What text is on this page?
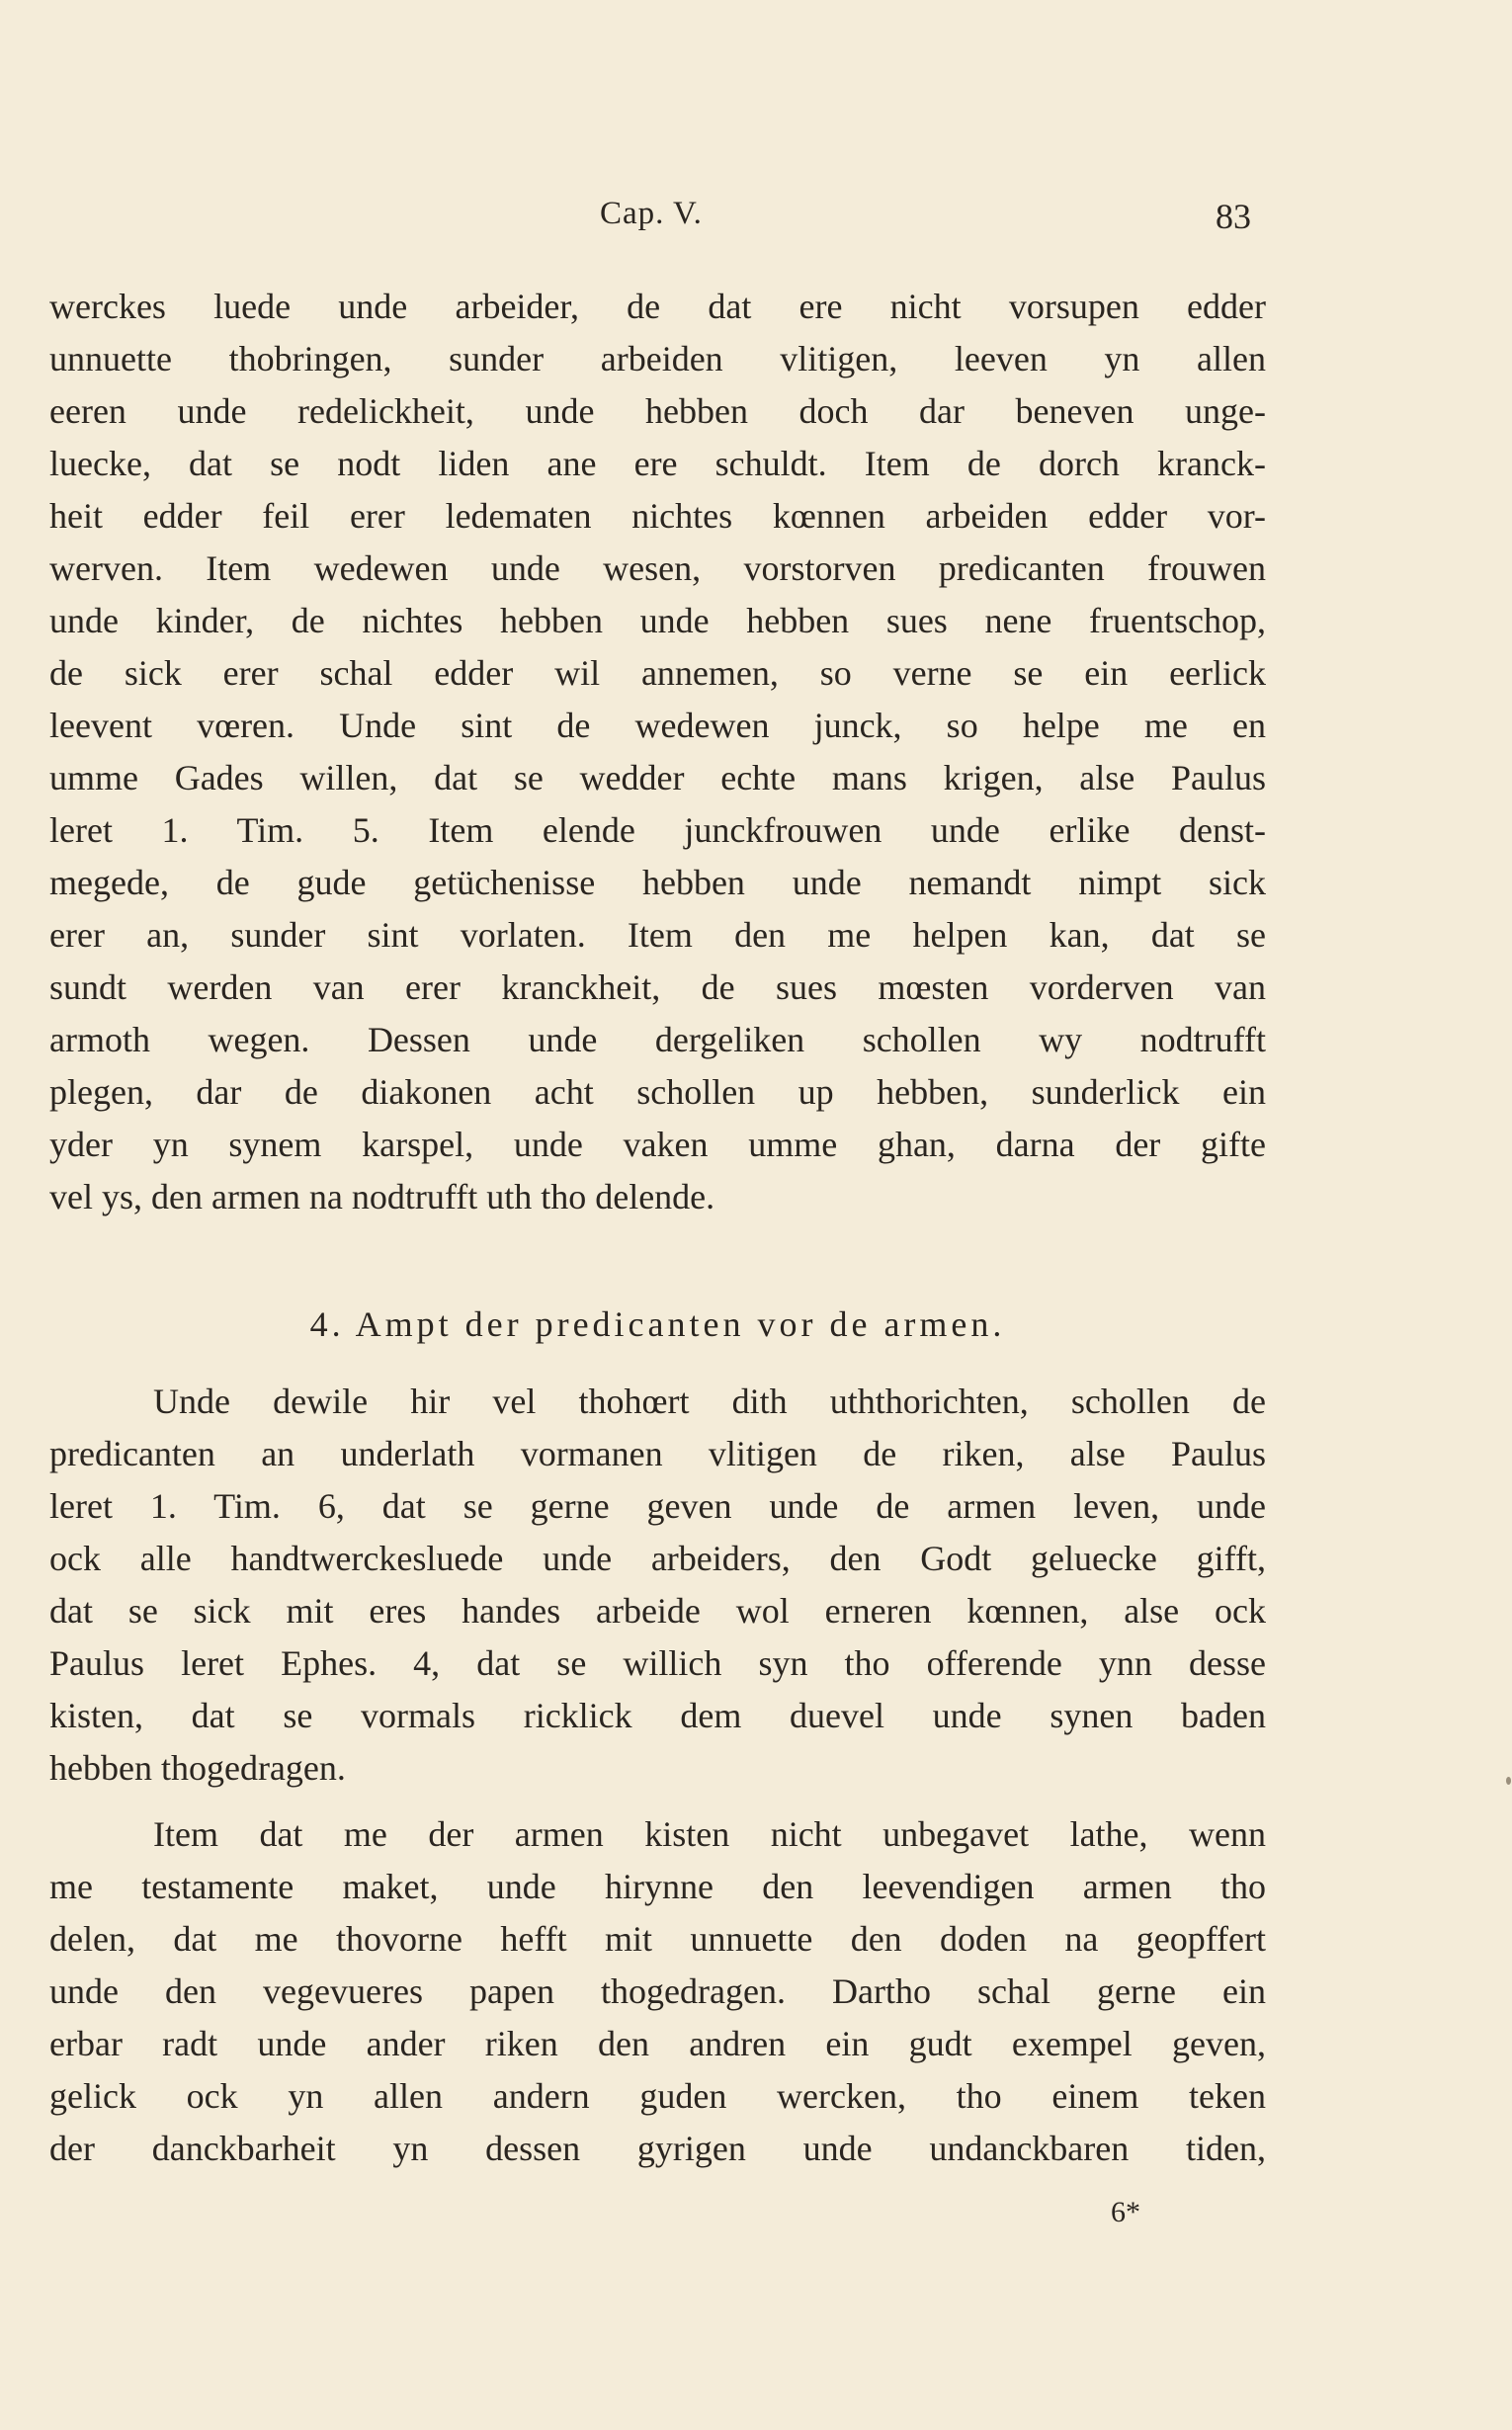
Cap. V.	83
werckes luede unde arbeider, de dat ere nicht vorsupen edder
unnuette thobringen, sunder arbeiden vlitigen, leeven yn allen
eeren unde redelickheit, unde hebben doch dar beneven unge-
luecke, dat se nodt liden ane ere schuldt. Item de dorch kranck-
heit edder feil erer ledematen nichtes kœnnen arbeiden edder vor-
werven. Item wedewen unde wesen, vorstorven predicanten frouwen
unde kinder, de nichtes hebben unde hebben sues nene fruentschop,
de sick erer schal edder wil annemen, so verne se ein eerlick
leevent vœren. Unde sint de wedewen junck, so helpe me en
umme Gades willen, dat se wedder echte mans krigen, alse Paulus
leret 1. Tim. 5. Item elende junckfrouwen unde erlike denst-
megede, de gude getüchenisse hebben unde nemandt nimpt sick
erer an, sunder sint vorlaten. Item den me helpen kan, dat se
sundt werden van erer kranckheit, de sues mœsten vorderven van
armoth wegen. Dessen unde dergeliken schollen wy nodtrufft
plegen, dar de diakonen acht schollen up hebben, sunderlick ein
yder yn synem karspel, unde vaken umme ghan, darna der gifte
vel ys, den armen na nodtrufft uth tho delende.
4. Ampt der predicanten vor de armen.
Unde dewile hir vel thohœrt dith uththorichten, schollen de
predicanten an underlath vormanen vlitigen de riken, alse Paulus
leret 1. Tim. 6, dat se gerne geven unde de armen leven, unde
ock alle handtwerckesluede unde arbeiders, den Godt geluecke gifft,
dat se sick mit eres handes arbeide wol erneren kœnnen, alse ock
Paulus leret Ephes. 4, dat se willich syn tho offerende ynn desse
kisten, dat se vormals ricklick dem duevel unde synen baden
hebben thogedragen.
Item dat me der armen kisten nicht unbegavet lathe, wenn
me testamente maket, unde hirynne den leevendigen armen tho
delen, dat me thovorne hefft mit unnuette den doden na geopffert
unde den vegevueres papen thogedragen. Dartho schal gerne ein
erbar radt unde ander riken den andren ein gudt exempel geven,
gelick ock yn allen andern guden wercken, tho einem teken
der danckbarheit yn dessen gyrigen unde undanckbaren tiden,
6*
